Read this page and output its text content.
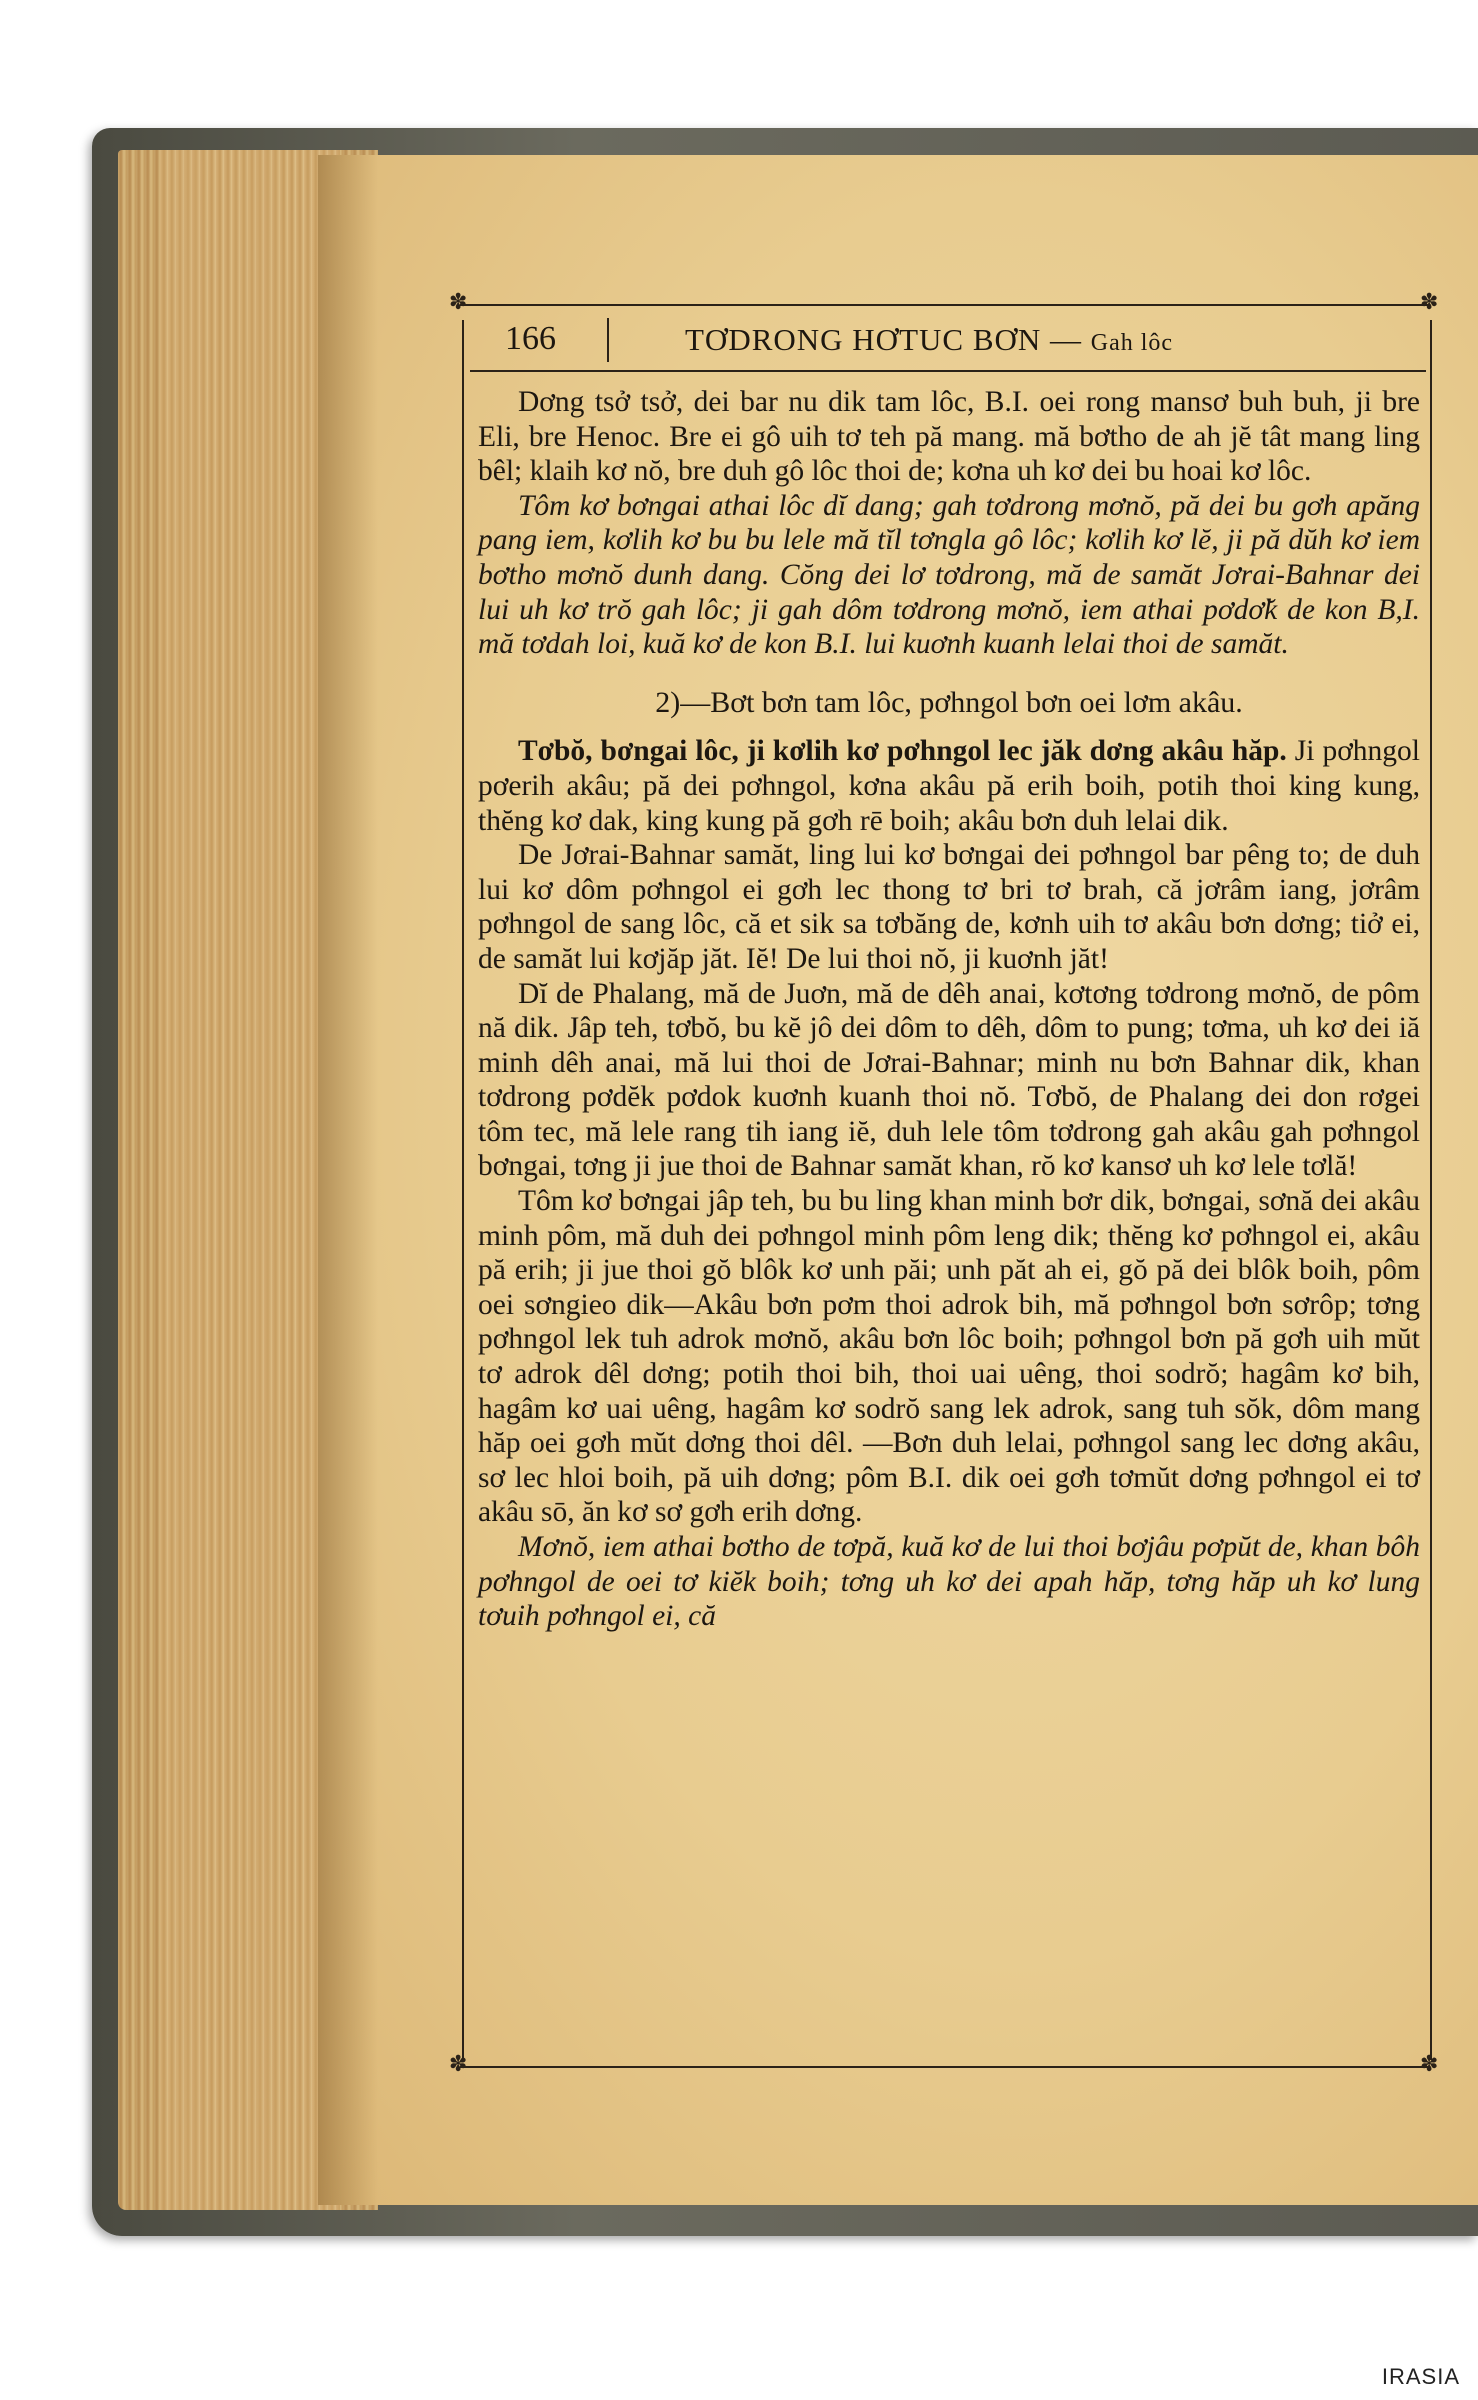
✽	✽
✽	✽
166	TƠDRONG HƠTUC BƠN — Gah lôc

Dơng tsở tsở, dei bar nu dik tam lôc, B.I. oei rong mansơ buh buh, ji bre Eli, bre Henoc. Bre ei gô uih tơ teh pă mang. mă bơtho de ah jĕ tât mang ling bêl; klaih kơ nŏ, bre duh gô lôc thoi de; kơna uh kơ dei bu hoai kơ lôc.

Tôm kơ bơngai athai lôc dĭ dang; gah tơdrong mơnŏ, pă dei bu gơh apăng pang iem, kơlih kơ bu bu lele mă tĭl tơngla gô lôc; kơlih kơ lĕ, ji pă dŭh kơ iem bơtho mơnŏ dunh dang. Cŏng dei lơ tơdrong, mă de samăt Jơrai-Bahnar dei lui uh kơ trŏ gah lôc; ji gah dôm tơdrong mơnŏ, iem athai pơdơ̆k de kon B,I. mă tơdah loi, kuă kơ de kon B.I. lui kuơnh kuanh lelai thoi de samăt.

2)—Bơt bơn tam lôc, pơhngol bơn oei lơm akâu.

Tơbŏ, bơngai lôc, ji kơlih kơ pơhngol lec jăk dơng akâu hăp. Ji pơhngol pơerih akâu; pă dei pơhngol, kơna akâu pă erih boih, potih thoi king kung, thĕng kơ dak, king kung pă gơh rē boih; akâu bơn duh lelai dik.

De Jơrai-Bahnar samăt, ling lui kơ bơngai dei pơhngol bar pêng to; de duh lui kơ dôm pơhngol ei gơh lec thong tơ bri tơ brah, că jơrâm iang, jơrâm pơhngol de sang lôc, că et sik sa tơbăng de, kơnh uih tơ akâu bơn dơng; tiở ei, de samăt lui kơjăp jăt. Iĕ! De lui thoi nŏ, ji kuơnh jăt!

Dĭ de Phalang, mă de Juơn, mă de dêh anai, kơtơng tơdrong mơnŏ, de pôm nă dik. Jâp teh, tơbŏ, bu kĕ jô dei dôm to dêh, dôm to pung; tơma, uh kơ dei iă minh dêh anai, mă lui thoi de Jơrai-Bahnar; minh nu bơn Bahnar dik, khan tơdrong pơdĕk pơdok kuơnh kuanh thoi nŏ. Tơbŏ, de Phalang dei don rơgei tôm tec, mă lele rang tih iang iĕ, duh lele tôm tơdrong gah akâu gah pơhngol bơngai, tơng ji jue thoi de Bahnar samăt khan, rŏ kơ kansơ uh kơ lele tơlă!

Tôm kơ bơngai jâp teh, bu bu ling khan minh bơr dik, bơngai, sơnă dei akâu minh pôm, mă duh dei pơhngol minh pôm leng dik; thĕng kơ pơhngol ei, akâu pă erih; ji jue thoi gŏ blôk kơ unh păi; unh păt ah ei, gŏ pă dei blôk boih, pôm oei sơngieo dik—Akâu bơn pơm thoi adrok bih, mă pơhngol bơn sơrôp; tơng pơhngol lek tuh adrok mơnŏ, akâu bơn lôc boih; pơhngol bơn pă gơh uih mŭt tơ adrok dêl dơng; potih thoi bih, thoi uai uêng, thoi sodrŏ; hagâm kơ bih, hagâm kơ uai uêng, hagâm kơ sodrŏ sang lek adrok, sang tuh sŏk, dôm mang hăp oei gơh mŭt dơng thoi dêl. —Bơn duh lelai, pơhngol sang lec dơng akâu, sơ lec hloi boih, pă uih dơng; pôm B.I. dik oei gơh tơmŭt dơng pơhngol ei tơ akâu sō, ăn kơ sơ gơh erih dơng.

Mơnŏ, iem athai bơtho de tơpă, kuă kơ de lui thoi bơjâu pơpŭt de, khan bôh pơhngol de oei tơ kiĕk boih; tơng uh kơ dei apah hăp, tơng hăp uh kơ lung tơuih pơhngol ei, că

IRASIA
